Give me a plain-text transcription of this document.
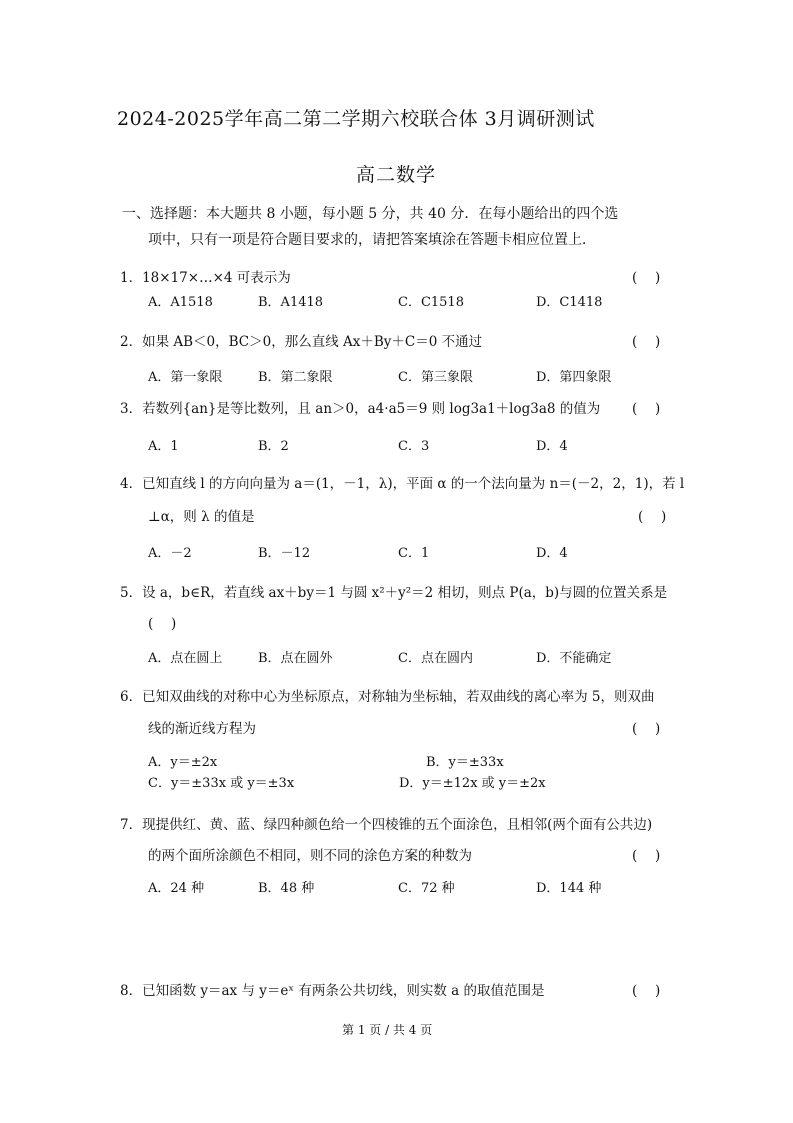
2024-2025学年高二第二学期六校联合体 3月调研测试
高二数学
一、选择题：本大题共 8 小题，每小题 5 分，共 40 分．在每小题给出的四个选
项中，只有一项是符合题目要求的，请把答案填涂在答题卡相应位置上．
1．18×17×…×4 可表示为	(　 )
A．A1518	B．A1418	C．C1518	D．C1418
2．如果 AB＜0，BC＞0，那么直线 Ax＋By＋C＝0 不通过	(　 )
A．第一象限	B．第二象限	C．第三象限	D．第四象限
3．若数列{an}是等比数列，且 an＞0，a4·a5＝9 则 log3a1＋log3a8 的值为 (　 )
A．1	B．2	C．3	D．4
4．已知直线 l 的方向向量为 a＝(1，－1，λ)，平面 α 的一个法向量为 n＝(－2，2，1)，若 l
⊥α，则 λ 的值是	(　 )
A．－2	B．－12	C．1	D．4
5．设 a，b∈R，若直线 ax＋by＝1 与圆 x²＋y²＝2 相切，则点 P(a，b)与圆的位置关系是
(　 )
A．点在圆上	B．点在圆外	C．点在圆内	D．不能确定
6．已知双曲线的对称中心为坐标原点，对称轴为坐标轴，若双曲线的离心率为 5，则双曲
线的渐近线方程为	(　 )
A．y＝±2x	B．y＝±33x
C．y＝±33x 或 y＝±3x	D．y＝±12x 或 y＝±2x
7．现提供红、黄、蓝、绿四种颜色给一个四棱锥的五个面涂色，且相邻(两个面有公共边)
的两个面所涂颜色不相同，则不同的涂色方案的种数为	(　 )
A．24 种	B．48 种	C．72 种	D．144 种
8．已知函数 y＝ax 与 y＝eˣ 有两条公共切线，则实数 a 的取值范围是	(　 )
第 1 页 / 共 4 页
